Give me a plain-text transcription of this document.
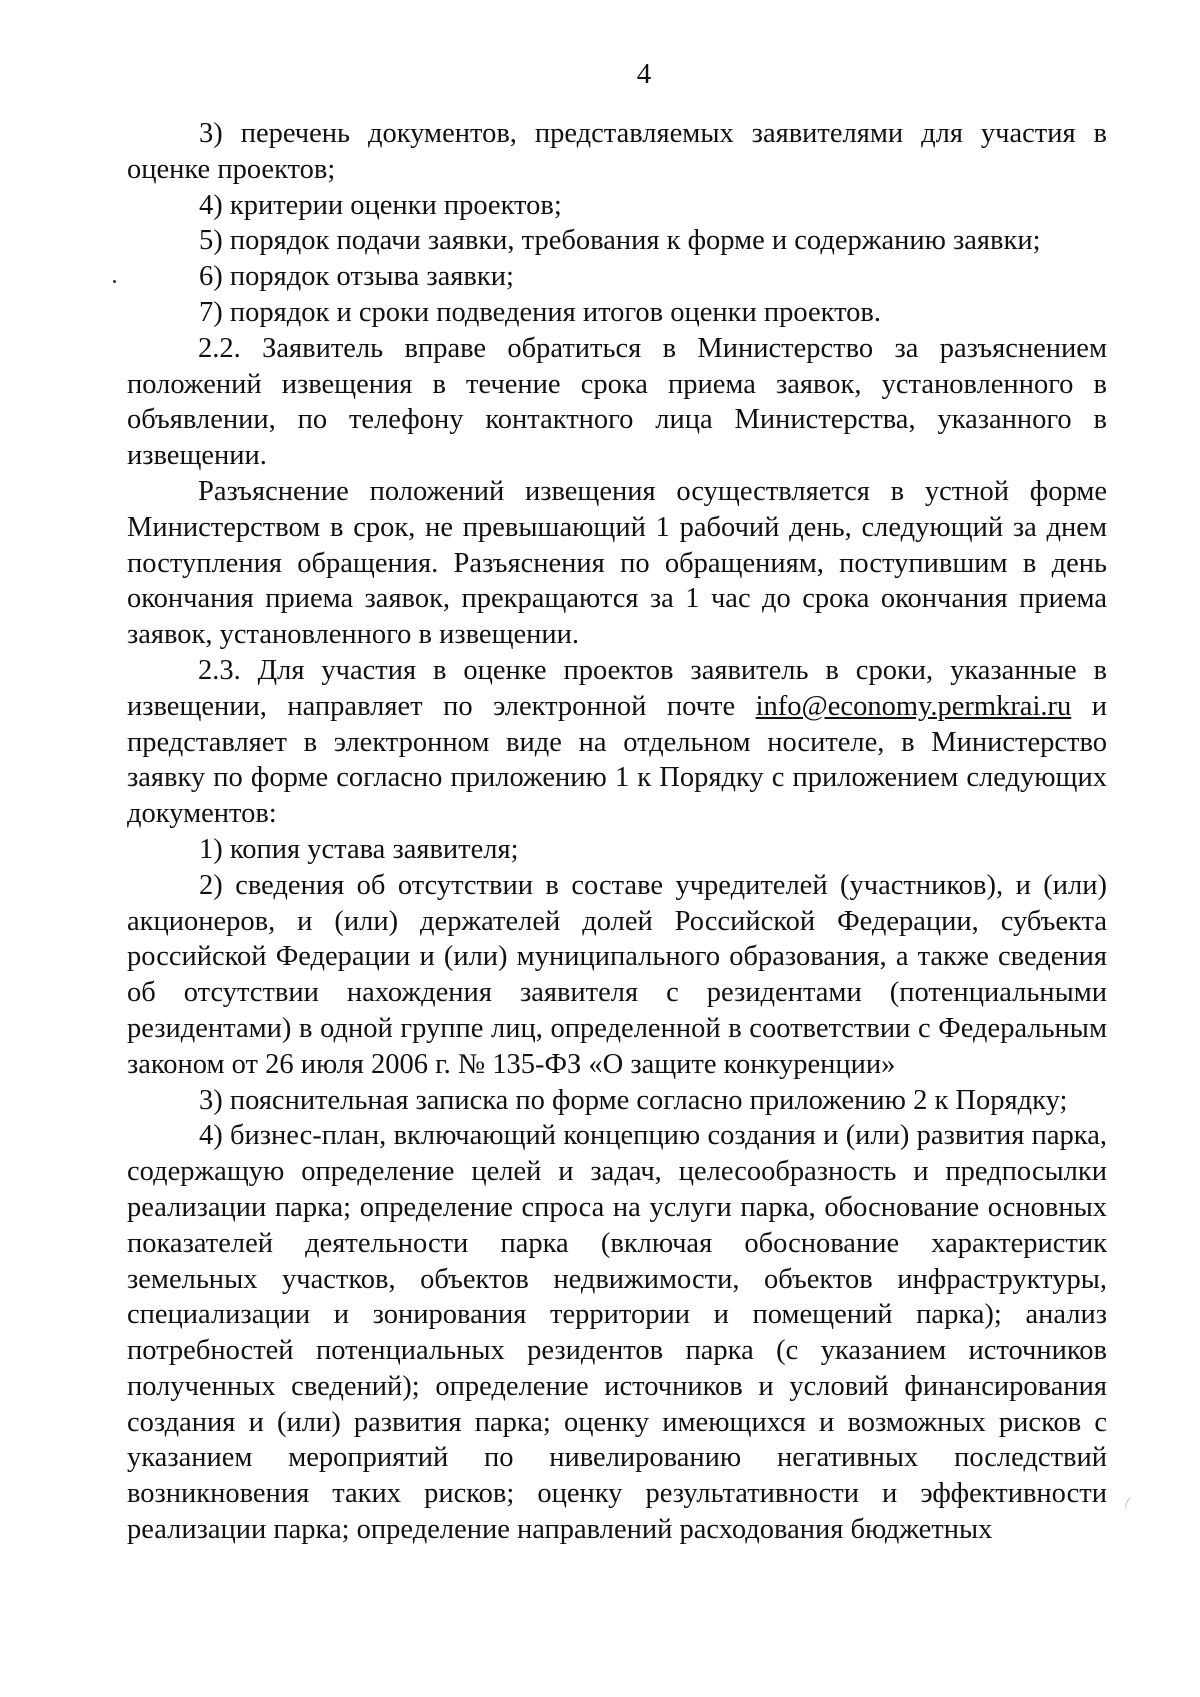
4

3) перечень документов, представляемых заявителями для участия в оценке проектов;

4) критерии оценки проектов;

5) порядок подачи заявки, требования к форме и содержанию заявки;

6) порядок отзыва заявки;

7) порядок и сроки подведения итогов оценки проектов.

2.2. Заявитель вправе обратиться в Министерство за разъяснением положений извещения в течение срока приема заявок, установленного в объявлении, по телефону контактного лица Министерства, указанного в извещении.

Разъяснение положений извещения осуществляется в устной форме Министерством в срок, не превышающий 1 рабочий день, следующий за днем поступления обращения. Разъяснения по обращениям, поступившим в день окончания приема заявок, прекращаются за 1 час до срока окончания приема заявок, установленного в извещении.

2.3. Для участия в оценке проектов заявитель в сроки, указанные в извещении, направляет по электронной почте info@economy.permkrai.ru и представляет в электронном виде на отдельном носителе, в Министерство заявку по форме согласно приложению 1 к Порядку с приложением следующих документов:

1) копия устава заявителя;

2) сведения об отсутствии в составе учредителей (участников), и (или) акционеров, и (или) держателей долей Российской Федерации, субъекта российской Федерации и (или) муниципального образования, а также сведения об отсутствии нахождения заявителя с резидентами (потенциальными резидентами) в одной группе лиц, определенной в соответствии с Федеральным законом от 26 июля 2006 г. № 135-ФЗ «О защите конкуренции»

3) пояснительная записка по форме согласно приложению 2 к Порядку;

4) бизнес-план, включающий концепцию создания и (или) развития парка, содержащую определение целей и задач, целесообразность и предпосылки реализации парка; определение спроса на услуги парка, обоснование основных показателей деятельности парка (включая обоснование характеристик земельных участков, объектов недвижимости, объектов инфраструктуры, специализации и зонирования территории и помещений парка); анализ потребностей потенциальных резидентов парка (с указанием источников полученных сведений); определение источников и условий финансирования создания и (или) развития парка; оценку имеющихся и возможных рисков с указанием мероприятий по нивелированию негативных последствий возникновения таких рисков; оценку результативности и эффективности реализации парка; определение направлений расходования бюджетных
